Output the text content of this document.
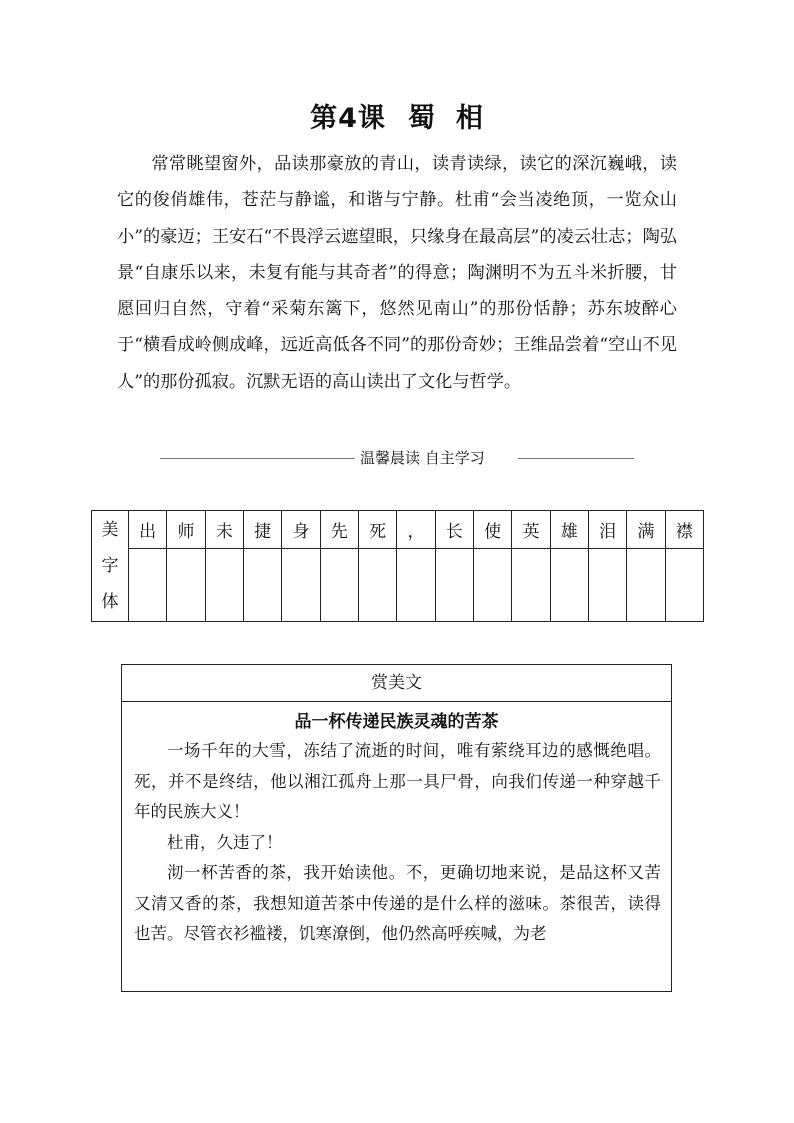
第4课 蜀 相

常常眺望窗外，品读那豪放的青山，读青读绿，读它的深沉巍峨，读它的俊俏雄伟，苍茫与静谧，和谐与宁静。杜甫“会当凌绝顶，一览众山小”的豪迈；王安石“不畏浮云遮望眼，只缘身在最高层”的凌云壮志；陶弘景“自康乐以来，未复有能与其奇者”的得意；陶渊明不为五斗米折腰，甘愿回归自然，守着“采菊东篱下，悠然见南山”的那份恬静；苏东坡醉心于“横看成岭侧成峰，远近高低各不同”的那份奇妙；王维品尝着“空山不见人”的那份孤寂。沉默无语的高山读出了文化与哲学。

温馨晨读 自主学习
美
字
体	出	师	未	捷	身	先	死	，	长	使	英	雄	泪	满	襟

赏美文
品一杯传递民族灵魂的苦茶

一场千年的大雪，冻结了流逝的时间，唯有萦绕耳边的感慨绝唱。死，并不是终结，他以湘江孤舟上那一具尸骨，向我们传递一种穿越千年的民族大义！

杜甫，久违了！

沏一杯苦香的茶，我开始读他。不，更确切地来说，是品这杯又苦又清又香的茶，我想知道苦茶中传递的是什么样的滋味。茶很苦，读得也苦。尽管衣衫褴褛，饥寒潦倒，他仍然高呼疾喊，为老
